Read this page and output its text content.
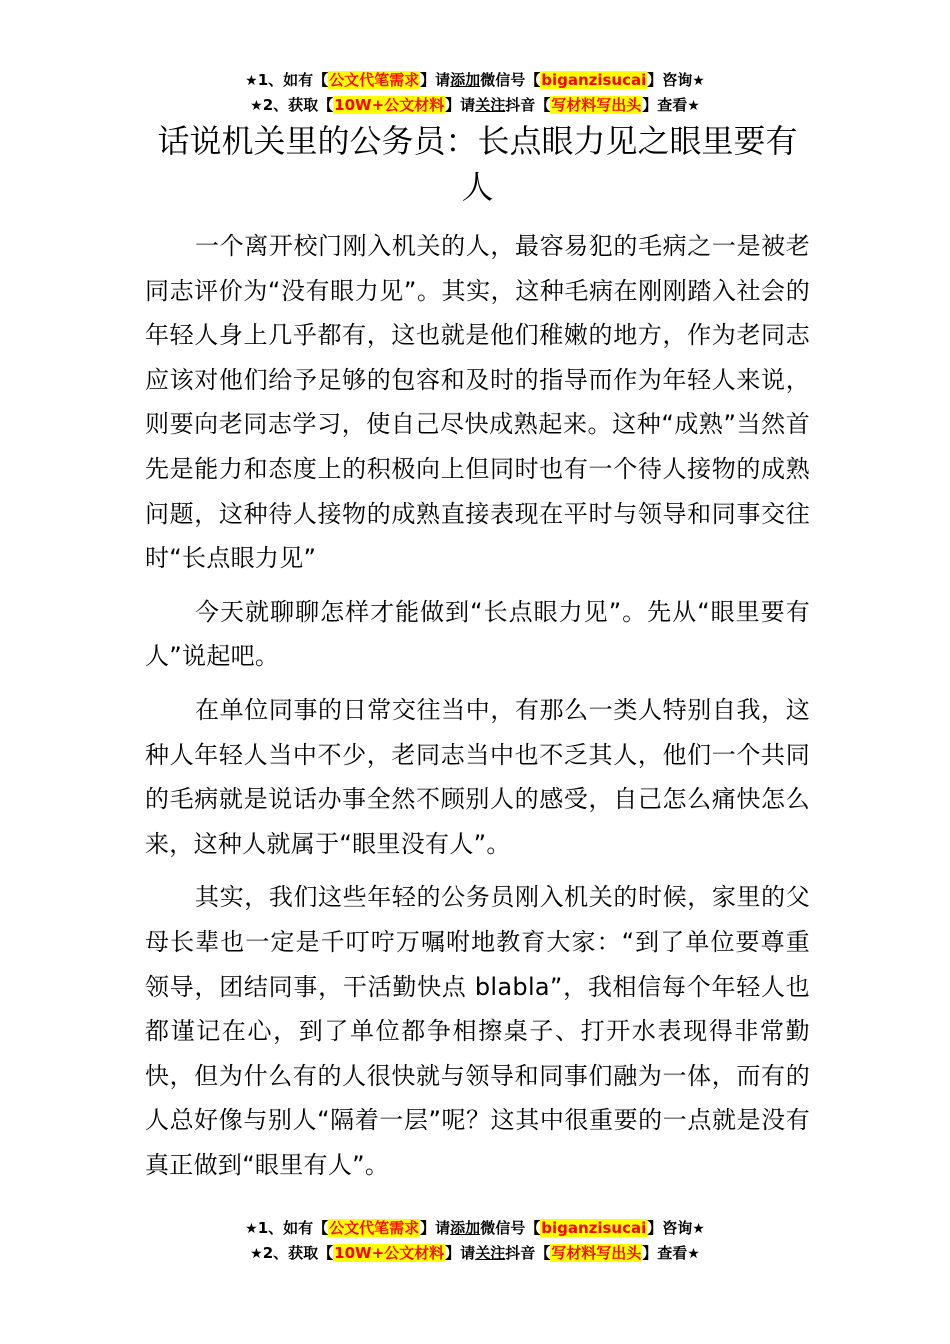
★1、如有【公文代笔需求】请添加微信号【biganzisucai】咨询★
★2、获取【10W+公文材料】请关注抖音【写材料写出头】查看★
话说机关里的公务员：长点眼力见之眼里要有人

一个离开校门刚入机关的人，最容易犯的毛病之一是被老同志评价为“没有眼力见”。其实，这种毛病在刚刚踏入社会的年轻人身上几乎都有，这也就是他们稚嫩的地方，作为老同志应该对他们给予足够的包容和及时的指导而作为年轻人来说，则要向老同志学习，使自己尽快成熟起来。这种“成熟”当然首先是能力和态度上的积极向上但同时也有一个待人接物的成熟问题，这种待人接物的成熟直接表现在平时与领导和同事交往时“长点眼力见”

今天就聊聊怎样才能做到“长点眼力见”。先从“眼里要有人”说起吧。

在单位同事的日常交往当中，有那么一类人特别自我，这种人年轻人当中不少，老同志当中也不乏其人，他们一个共同的毛病就是说话办事全然不顾别人的感受，自己怎么痛快怎么来，这种人就属于“眼里没有人”。

其实，我们这些年轻的公务员刚入机关的时候，家里的父母长辈也一定是千叮咛万嘱咐地教育大家：“到了单位要尊重领导，团结同事，干活勤快点 blabla”，我相信每个年轻人也都谨记在心，到了单位都争相擦桌子、打开水表现得非常勤快，但为什么有的人很快就与领导和同事们融为一体，而有的人总好像与别人“隔着一层”呢？这其中很重要的一点就是没有真正做到“眼里有人”。

★1、如有【公文代笔需求】请添加微信号【biganzisucai】咨询★
★2、获取【10W+公文材料】请关注抖音【写材料写出头】查看★
